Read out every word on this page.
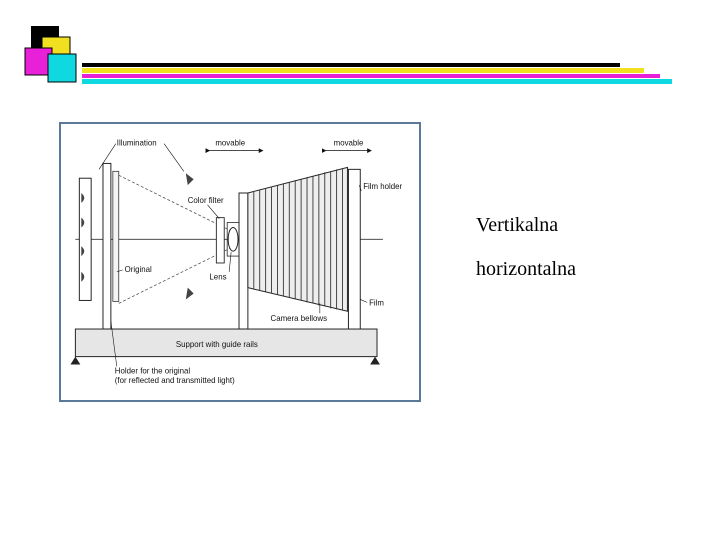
Illumination	movable	movable
Film holder
Color filter
Original
Lens
Film
Camera bellows
Support with guide rails
Holder for the original
(for reflected and transmitted light)
Vertikalna
horizontalna
